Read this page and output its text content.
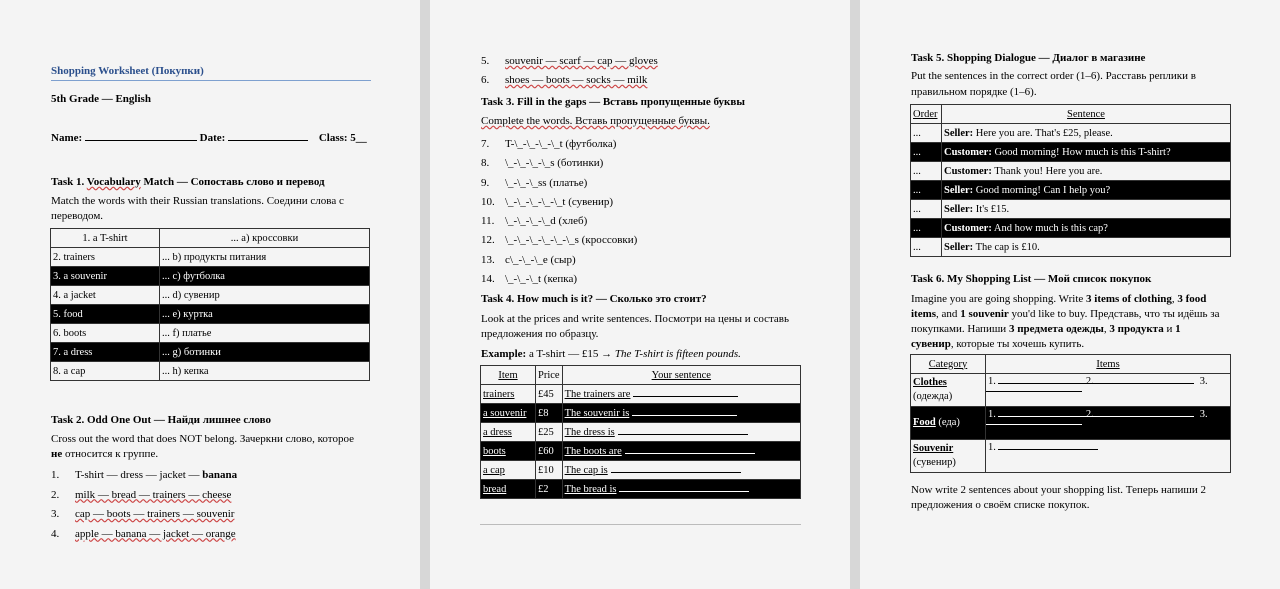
Shopping Worksheet (Покупки)
5th Grade — English
Name:	Date:	Class: 5__
Task 1. Vocabulary Match — Сопоставь слово и перевод
Match the words with their Russian translations. Соедини слова с переводом.
1. a T-shirt	... a) кроссовки
2. trainers	... b) продукты питания
3. a souvenir	... c) футболка
4. a jacket	... d) сувенир
5. food	... e) куртка
6. boots	... f) платье
7. a dress	... g) ботинки
8. a cap	... h) кепка
Task 2. Odd One Out — Найди лишнее слово
Cross out the word that does NOT belong. Зачеркни слово, которое
не относится к группе.
1. T-shirt — dress — jacket — banana
2. milk — bread — trainers — cheese
3. cap — boots — trainers — souvenir
4. apple — banana — jacket — orange
5. souvenir — scarf — cap — gloves
6. shoes — boots — socks — milk
Task 3. Fill in the gaps — Вставь пропущенные буквы
Complete the words. Вставь пропущенные буквы.
7. T-\_-\_-\_-\_t (футболка)
8. \_-\_-\_-\_s (ботинки)
9. \_-\_-\_ss (платье)
10. \_-\_-\_-\_-\_t (сувенир)
11. \_-\_-\_-\_d (хлеб)
12. \_-\_-\_-\_-\_-\_s (кроссовки)
13. c\_-\_-\_e (сыр)
14. \_-\_-\_t (кепка)
Task 4. How much is it? — Сколько это стоит?
Look at the prices and write sentences. Посмотри на цены и составь
предложения по образцу.
Example: a T-shirt — £15 → The T-shirt is fifteen pounds.
Item	Price	Your sentence
trainers	£45	The trainers are
a souvenir	£8	The souvenir is
a dress	£25	The dress is
boots	£60	The boots are
a cap	£10	The cap is
bread	£2	The bread is
Task 5. Shopping Dialogue — Диалог в магазине
Put the sentences in the correct order (1–6). Расставь реплики в
правильном порядке (1–6).
Order	Sentence
...	Seller: Here you are. That's £25, please.
...	Customer: Good morning! How much is this T-shirt?
...	Customer: Thank you! Here you are.
...	Seller: Good morning! Can I help you?
...	Seller: It's £15.
...	Customer: And how much is this cap?
...	Seller: The cap is £10.
Task 6. My Shopping List — Мой список покупок
Imagine you are going shopping. Write 3 items of clothing, 3 food
items, and 1 souvenir you'd like to buy. Представь, что ты идёшь за
покупками. Напиши 3 предмета одежды, 3 продукта и 1
сувенир, которые ты хочешь купить.
Category	Items
Clothes
(одежда)	1. 2. 3.

Food (еда)	1. 2. 3.

Souvenir
(сувенир)	1.
Now write 2 sentences about your shopping list. Теперь напиши 2
предложения о своём списке покупок.
